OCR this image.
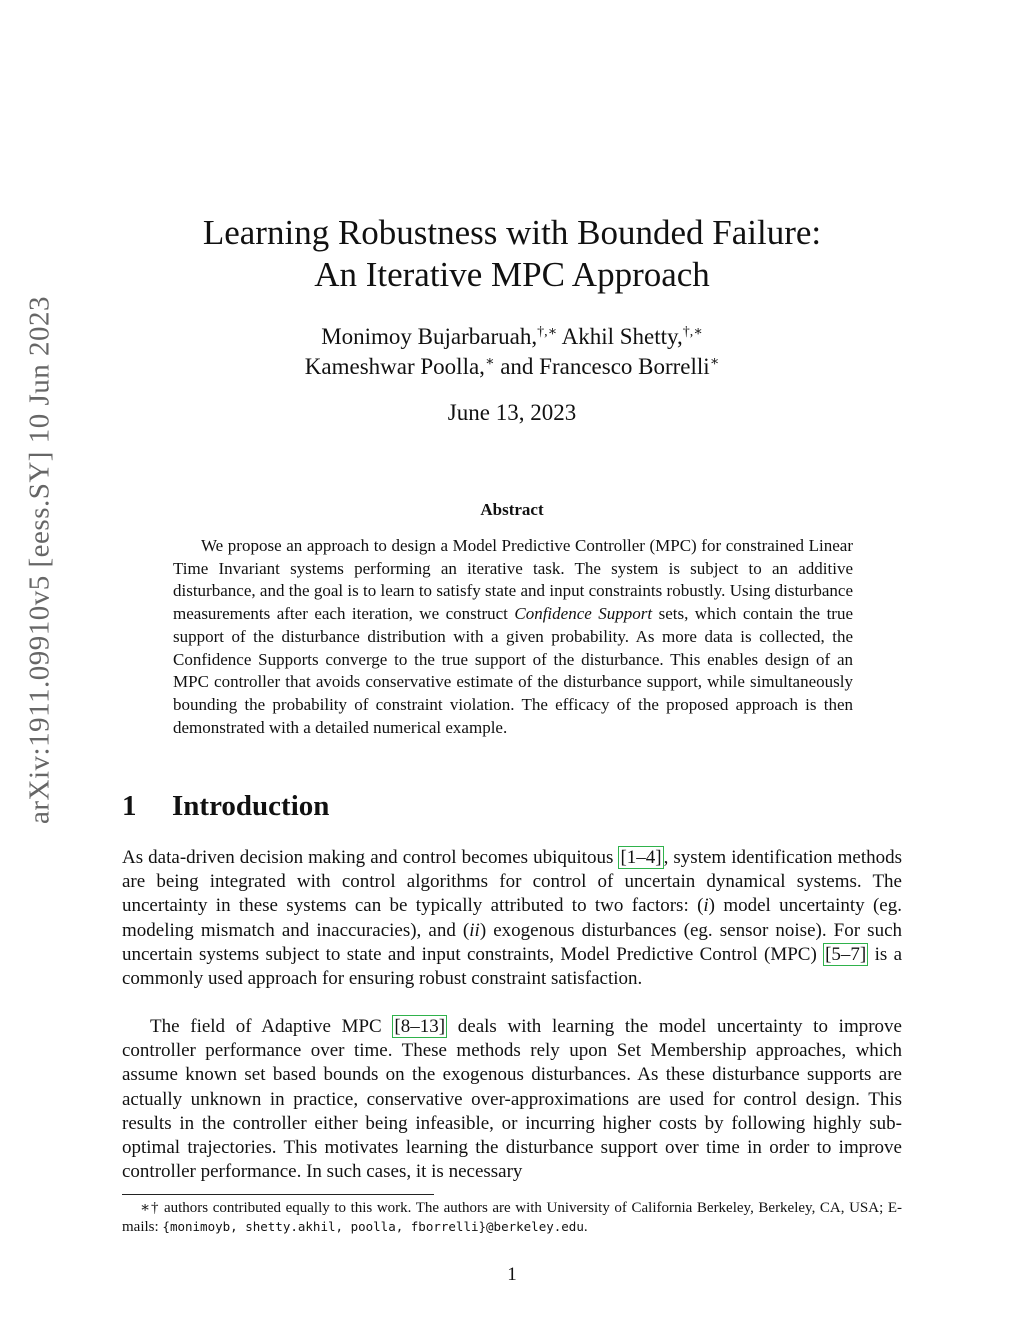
arXiv:1911.09910v5 [eess.SY] 10 Jun 2023
Learning Robustness with Bounded Failure:
An Iterative MPC Approach
Monimoy Bujarbaruah,†,∗ Akhil Shetty,†,∗
Kameshwar Poolla,∗ and Francesco Borrelli∗
June 13, 2023
Abstract

We propose an approach to design a Model Predictive Controller (MPC) for constrained Linear Time Invariant systems performing an iterative task. The system is subject to an additive disturbance, and the goal is to learn to satisfy state and input constraints robustly. Using disturbance measurements after each iteration, we construct Confidence Support sets, which contain the true support of the disturbance distribution with a given probability. As more data is collected, the Confidence Supports converge to the true support of the disturbance. This enables design of an MPC controller that avoids conservative estimate of the disturbance support, while simultaneously bounding the probability of constraint violation. The efficacy of the proposed approach is then demonstrated with a detailed numerical example.

1 Introduction

As data-driven decision making and control becomes ubiquitous [1–4] , system identification methods are being integrated with control algorithms for control of uncertain dynamical systems. The uncertainty in these systems can be typically attributed to two factors: (i) model uncertainty (eg. modeling mismatch and inaccuracies), and (ii) exogenous disturbances (eg. sensor noise). For such uncertain systems subject to state and input constraints, Model Predictive Control (MPC) [5–7] is a commonly used approach for ensuring robust constraint satisfaction.

The field of Adaptive MPC [8–13] deals with learning the model uncertainty to improve controller performance over time. These methods rely upon Set Membership approaches, which assume known set based bounds on the exogenous disturbances. As these disturbance supports are actually unknown in practice, conservative over-approximations are used for control design. This results in the controller either being infeasible, or incurring higher costs by following highly sub-optimal trajectories. This motivates learning the disturbance support over time in order to improve controller performance. In such cases, it is necessary

∗† authors contributed equally to this work. The authors are with University of California Berkeley, Berkeley, CA, USA; E-mails: {monimoyb, shetty.akhil, poolla, fborrelli}@berkeley.edu.

1
